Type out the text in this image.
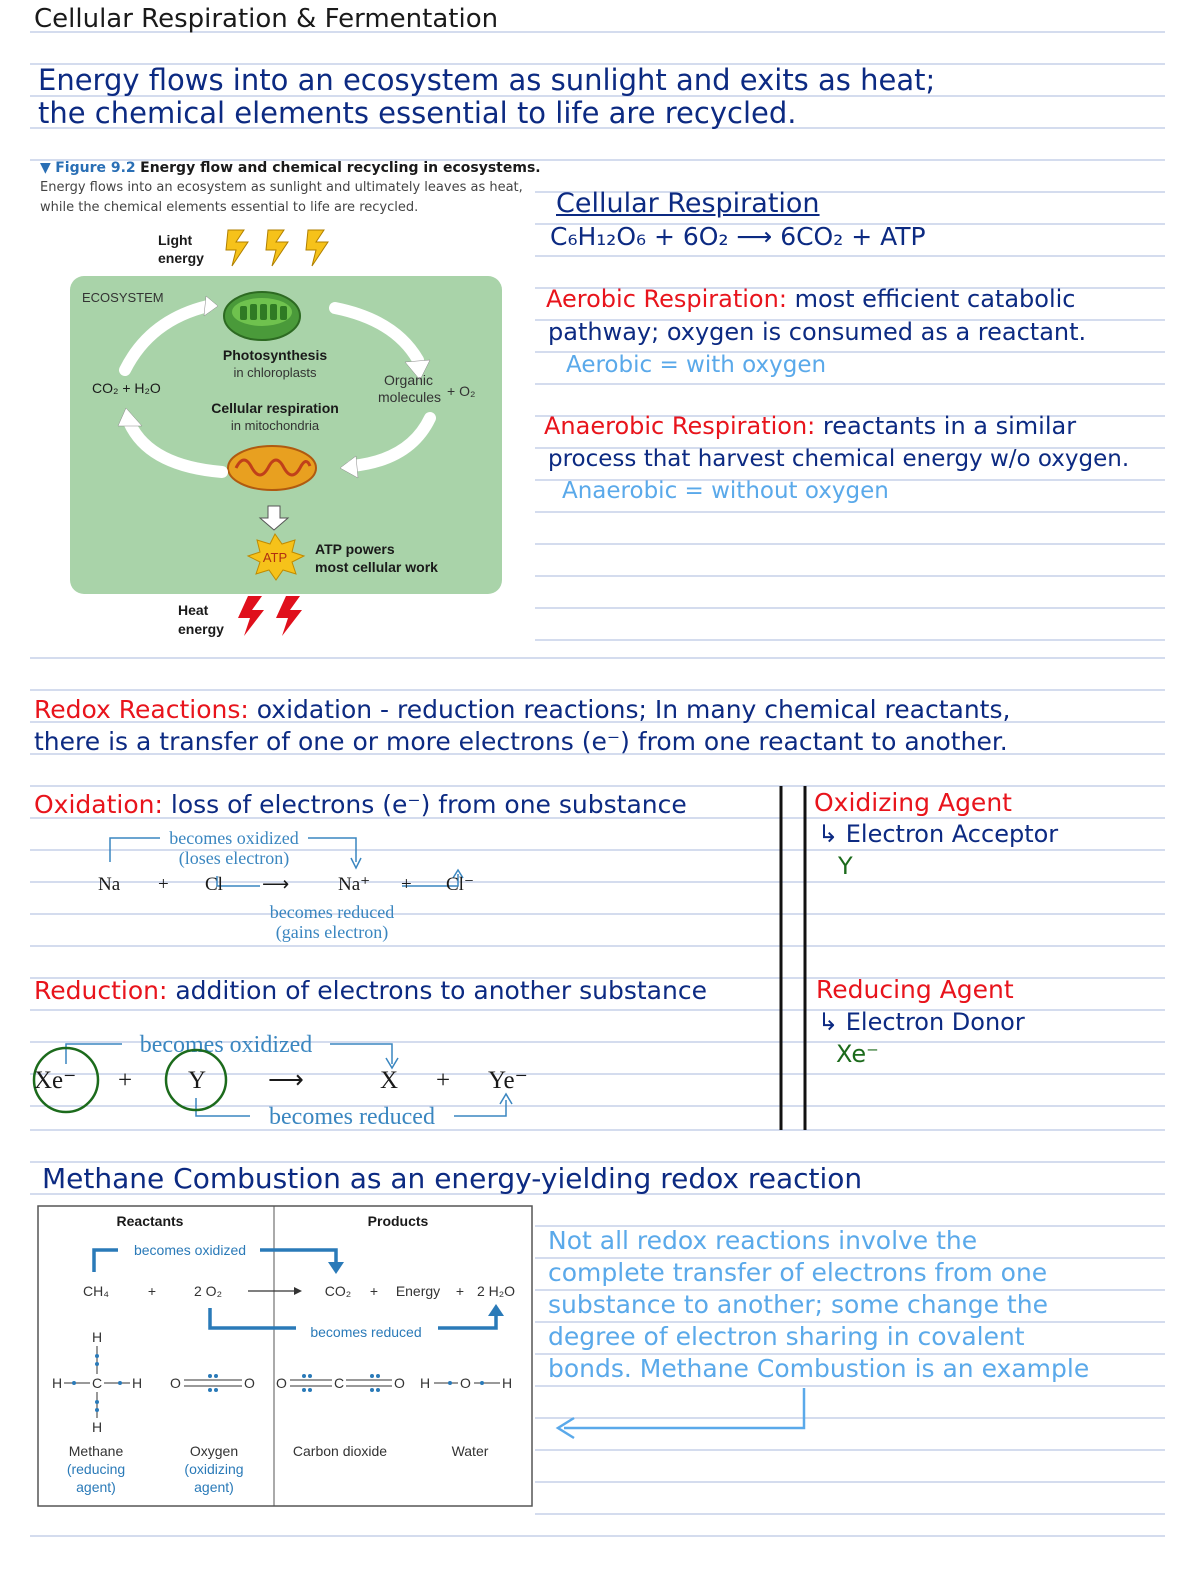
Cellular Respiration & Fermentation
Energy flows into an ecosystem as sunlight and exits as heat;
the chemical elements essential to life are recycled.
▼ Figure 9.2 Energy flow and chemical recycling in ecosystems.
Energy flows into an ecosystem as sunlight and ultimately leaves as heat,
while the chemical elements essential to life are recycled.
Light
energy
ECOSYSTEM
Photosynthesis
in chloroplasts
Cellular respiration
in mitochondria
CO₂ + H₂O	Organic
molecules + O₂
ATP
ATP powers
most cellular work
Heat
energy
Cellular Respiration
C₆H₁₂O₆ + 6O₂ ⟶ 6CO₂ + ATP
Aerobic Respiration: most efficient catabolic
pathway; oxygen is consumed as a reactant.
Aerobic = with oxygen
Anaerobic Respiration: reactants in a similar
process that harvest chemical energy w/o oxygen.
Anaerobic = without oxygen
Redox Reactions: oxidation - reduction reactions; In many chemical reactants,
there is a transfer of one or more electrons (e⁻) from one reactant to another.
Oxidation: loss of electrons (e⁻) from one substance
becomes oxidized
(loses electron)
Na + Cl ⟶	Na⁺ + Cl⁻
becomes reduced
(gains electron)
Oxidizing Agent
↳ Electron Acceptor
Y
Reduction: addition of electrons to another substance
becomes oxidized
Xe⁻ + Y ⟶	X + Ye⁻
becomes reduced
Reducing Agent
↳ Electron Donor
Xe⁻
Methane Combustion as an energy-yielding redox reaction
Reactants	Products
becomes oxidized
becomes reduced
CH₄	+	2 O₂	CO₂ + Energy + 2 H₂O
H
H C H
H
O	O O	C	O H O H
Methane
(reducing
agent)
Oxygen
(oxidizing
agent)
Carbon dioxide	Water
Not all redox reactions involve the
complete transfer of electrons from one
substance to another; some change the
degree of electron sharing in covalent
bonds. Methane Combustion is an example
